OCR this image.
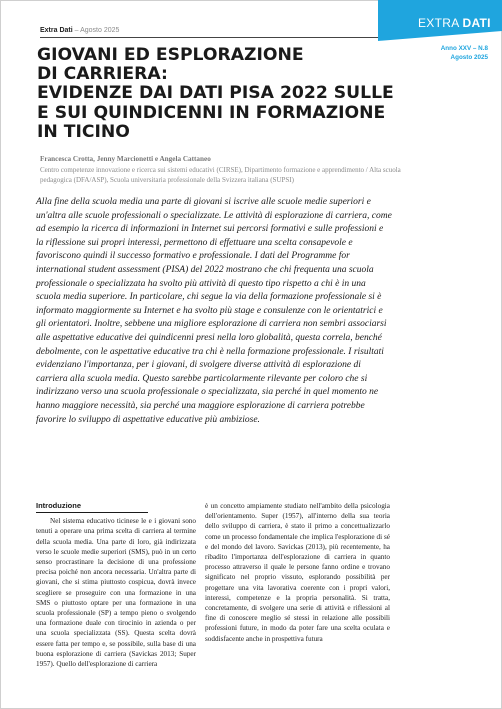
Extra Dati – Agosto 2025
EXTRA DATI
Anno XXV – N.8
Agosto 2025
GIOVANI ED ESPLORAZIONE
DI CARRIERA:
EVIDENZE DAI DATI PISA 2022 SULLE
E SUI QUINDICENNI IN FORMAZIONE
IN TICINO
Francesca Crotta, Jenny Marcionetti e Angela Cattaneo
Centro competenze innovazione e ricerca sui sistemi educativi (CIRSE), Dipartimento formazione e apprendimento / Alta scuola pedagogica (DFA/ASP), Scuola universitaria professionale della Svizzera italiana (SUPSI)
Alla fine della scuola media una parte di giovani si iscrive alle scuole medie superiori e un'altra alle scuole professionali o specializzate. Le attività di esplorazione di carriera, come ad esempio la ricerca di informazioni in Internet sui percorsi formativi e sulle professioni e la riflessione sui propri interessi, permettono di effettuare una scelta consapevole e favoriscono quindi il successo formativo e professionale. I dati del Programme for international student assessment (PISA) del 2022 mostrano che chi frequenta una scuola professionale o specializzata ha svolto più attività di questo tipo rispetto a chi è in una scuola media superiore. In particolare, chi segue la via della formazione professionale si è informato maggiormente su Internet e ha svolto più stage e consulenze con le orientatrici e gli orientatori. Inoltre, sebbene una migliore esplorazione di carriera non sembri associarsi alle aspettative educative dei quindicenni presi nella loro globalità, questa correla, benché debolmente, con le aspettative educative tra chi è nella formazione professionale. I risultati evidenziano l'importanza, per i giovani, di svolgere diverse attività di esplorazione di carriera alla scuola media. Questo sarebbe particolarmente rilevante per coloro che si indirizzano verso una scuola professionale o specializzata, sia perché in quel momento ne hanno maggiore necessità, sia perché una maggiore esplorazione di carriera potrebbe favorire lo sviluppo di aspettative educative più ambiziose.
Introduzione

Nel sistema educativo ticinese le e i giovani sono tenuti a operare una prima scelta di carriera al termine della scuola media. Una parte di loro, già indirizzata verso le scuole medie superiori (SMS), può in un certo senso procrastinare la decisione di una professione precisa poiché non ancora necessaria. Un'altra parte di giovani, che si stima piuttosto cospicua, dovrà invece scegliere se proseguire con una formazione in una SMS o piuttosto optare per una formazione in una scuola professionale (SP) a tempo pieno o svolgendo una formazione duale con tirocinio in azienda o per una scuola specializzata (SS). Questa scelta dovrà essere fatta per tempo e, se possibile, sulla base di una buona esplorazione di carriera (Savickas 2013; Super 1957). Quello dell'esplorazione di carriera

è un concetto ampiamente studiato nell'ambito della psicologia dell'orientamento. Super (1957), all'interno della sua teoria dello sviluppo di carriera, è stato il primo a concettualizzarlo come un processo fondamentale che implica l'esplorazione di sé e del mondo del lavoro. Savickas (2013), più recentemente, ha ribadito l'importanza dell'esplorazione di carriera in quanto processo attraverso il quale le persone fanno ordine e trovano significato nel proprio vissuto, esplorando possibilità per progettare una vita lavorativa coerente con i propri valori, interessi, competenze e la propria personalità. Si tratta, concretamente, di svolgere una serie di attività e riflessioni al fine di conoscere meglio sé stessi in relazione alle possibili professioni future, in modo da poter fare una scelta oculata e soddisfacente anche in prospettiva futura
